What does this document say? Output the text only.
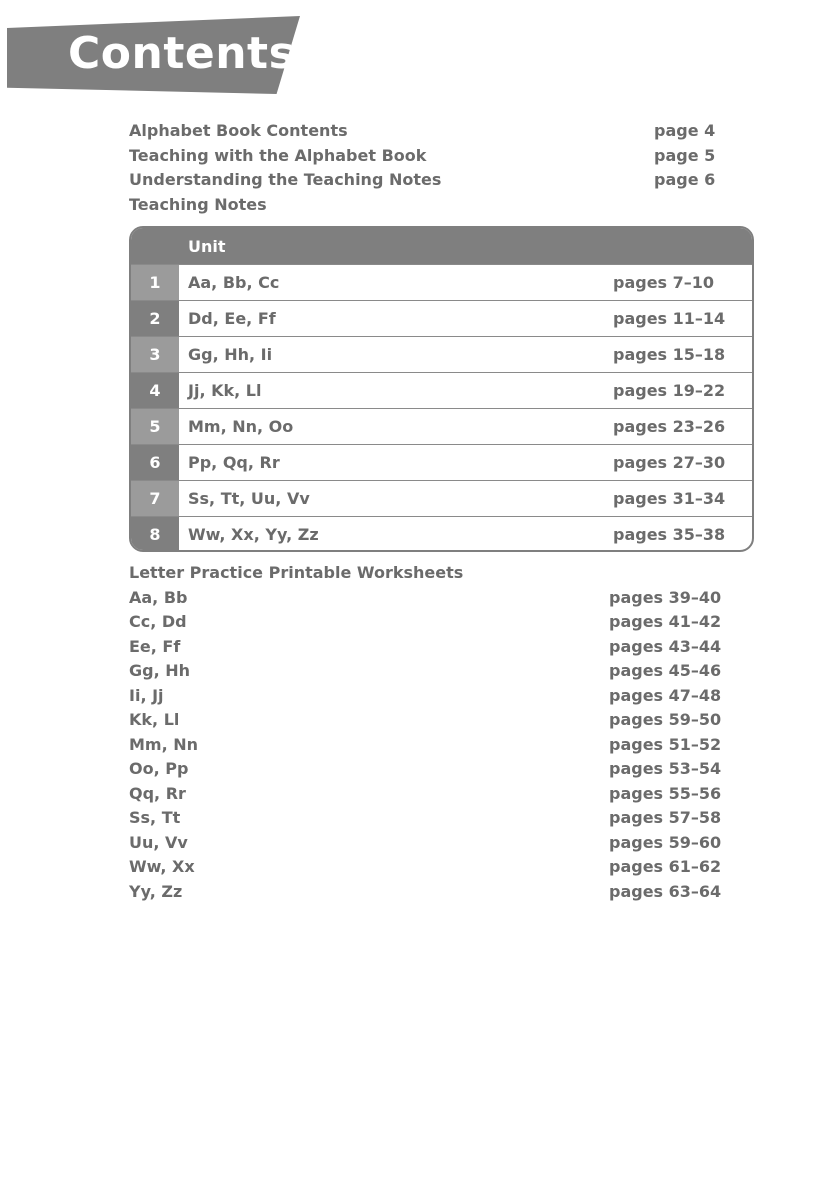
Contents
Alphabet Book Contents	page 4
Teaching with the Alphabet Book	page 5
Understanding the Teaching Notes	page 6
Teaching Notes
Unit
1	Aa, Bb, Cc	pages 7–10
2	Dd, Ee, Ff	pages 11–14
3	Gg, Hh, Ii	pages 15–18
4	Jj, Kk, Ll	pages 19–22
5	Mm, Nn, Oo	pages 23–26
6	Pp, Qq, Rr	pages 27–30
7	Ss, Tt, Uu, Vv	pages 31–34
8	Ww, Xx, Yy, Zz	pages 35–38
Letter Practice Printable Worksheets
Aa, Bb	pages 39–40
Cc, Dd	pages 41–42
Ee, Ff	pages 43–44
Gg, Hh	pages 45–46
Ii, Jj	pages 47–48
Kk, Ll	pages 59–50
Mm, Nn	pages 51–52
Oo, Pp	pages 53–54
Qq, Rr	pages 55–56
Ss, Tt	pages 57–58
Uu, Vv	pages 59–60
Ww, Xx	pages 61–62
Yy, Zz	pages 63–64
